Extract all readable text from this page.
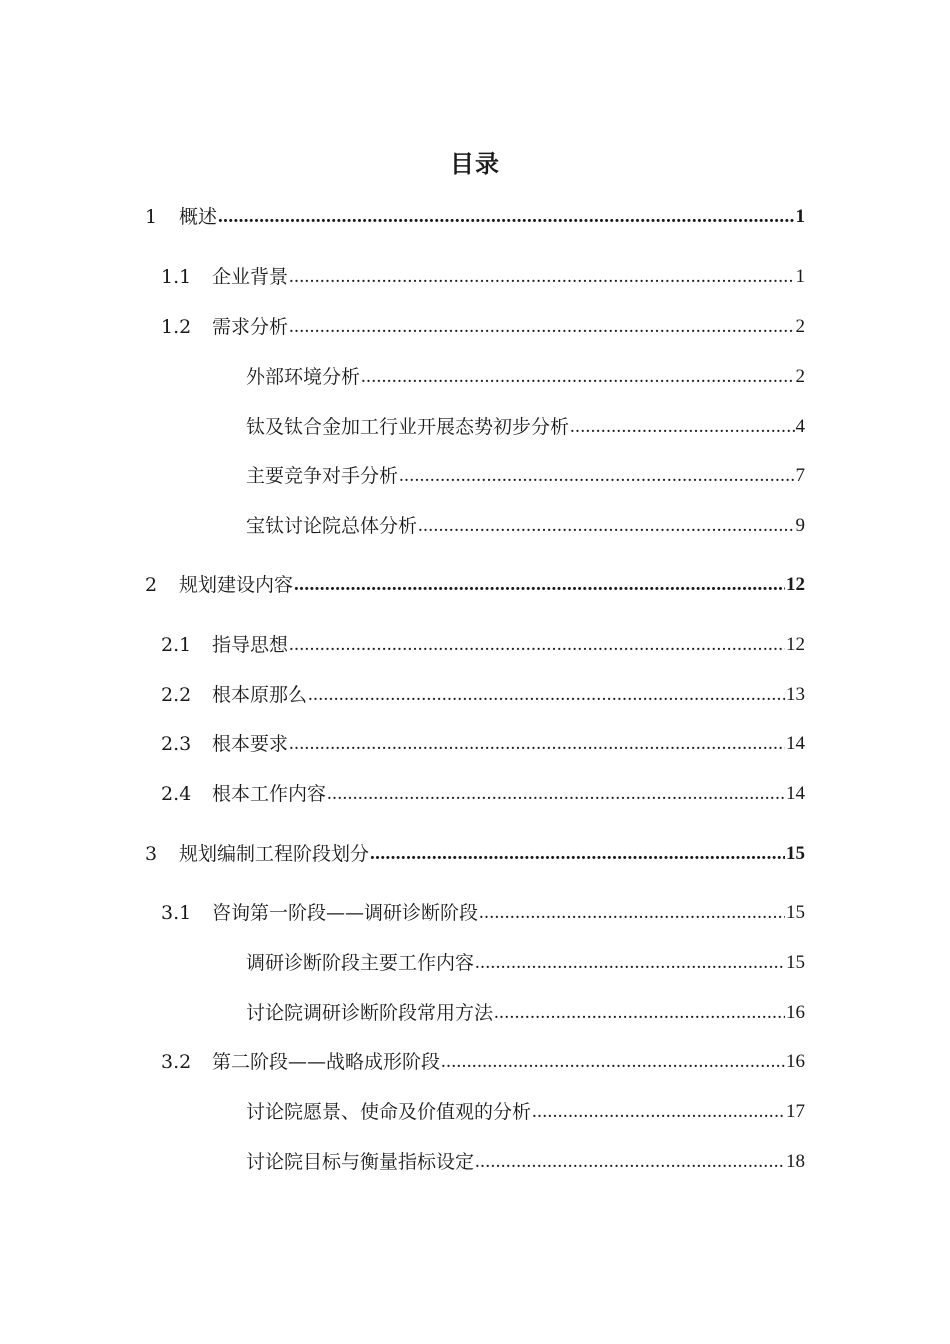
目录
1	概述 .....	1
1.1	企业背景 .....	1
1.2	需求分析 .....	2
外部环境分析 .....	2
钛及钛合金加工行业开展态势初步分析 .....	4
主要竞争对手分析 .....	7
宝钛讨论院总体分析 .....	9
2	规划建设内容 .....	12
2.1	指导思想 .....	12
2.2	根本原那么 .....	13
2.3	根本要求 .....	14
2.4	根本工作内容 .....	14
3	规划编制工程阶段划分 .....	15
3.1	咨询第一阶段——调研诊断阶段 .....	15
调研诊断阶段主要工作内容 .....	15
讨论院调研诊断阶段常用方法 .....	16
3.2	第二阶段——战略成形阶段 .....	16
讨论院愿景、使命及价值观的分析 .....	17
讨论院目标与衡量指标设定 .....	18
